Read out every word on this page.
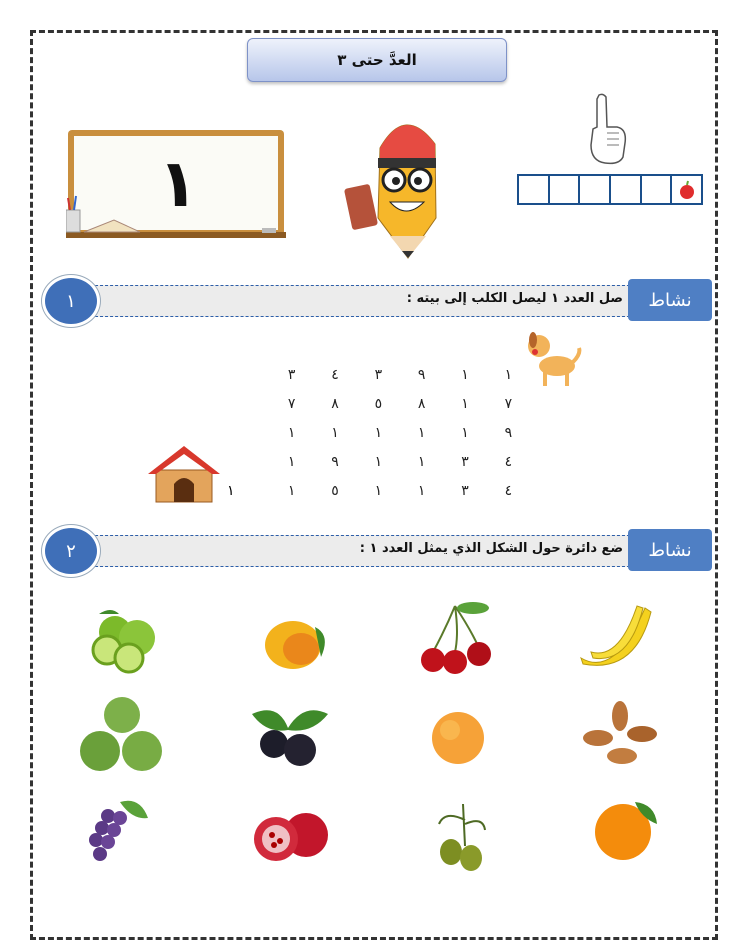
العدَّ حتى ٣
١
صل العدد ١ ليصل الكلب إلى بيته : نشاط
١
١
١
٩
٣
٤
٣
٧
١
٨
٥
٨
٧
٩
١
١
١
١
١
٤
٣
١
١
٩
١
٤
٣
١
١
٥
١
١
ضع دائرة حول الشكل الذي يمثل العدد ١ : نشاط
٢
